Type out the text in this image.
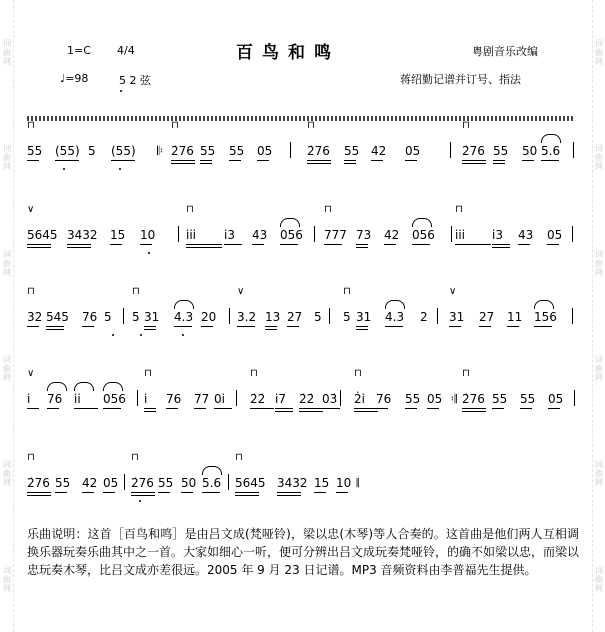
词
曲
网
词
曲
网
词
曲
网
词
曲
网
词
曲
网
词
曲
网
词
曲
网
词
曲
网
词
曲
网
词
曲
网
词
曲
网
词
曲
网
1=C 4/4	百鸟和鸣	粤剧音乐改编
♩=98	5 2 弦	蒋绍勤记谱并订号、指法
55 (55) 5 (55) 𝄆 2̇76 55 55 05	2̇76 55 42 05	2̇76 55 50 5.6
⊓	⊓	⊓	⊓
5645 3432 15 10	i̇i̇i̇ i̇3 43 056 777 73 42 056 i̇i̇i̇ i̇3 43 05
∨	⊓	⊓	⊓
32 545 76 5 5 31 4.3 20 3.2 13 27 5 5 31 4.3 2 31 27 11 156
⊓	⊓	∨	⊓	∨
i̇ 76 i̇i̇ 056 i̇ 76 77 0i̇ 2̇2̇ i̇7 2̇2̇ 03̇ 2̇i̇ 76 55 05 𝄇 2̇76 55 55 05
∨	⊓	⊓	⊓	⊓
2̇76 55 42 05 2̇76 55 50 5.6 5645 3432 15 10 𝄂
⊓	⊓	⊓
乐曲说明：这首［百鸟和鸣］是由吕文成(梵哑铃)，梁以忠(木琴)等人合奏的。这首曲是他们两人互相调换乐器玩奏乐曲其中之一首。大家如细心一听，便可分辨出吕文成玩奏梵哑铃，的确不如梁以忠，而梁以忠玩奏木琴，比吕文成亦差很远。2005 年 9 月 23 日记谱。MP3 音频资料由李普福先生提供。
